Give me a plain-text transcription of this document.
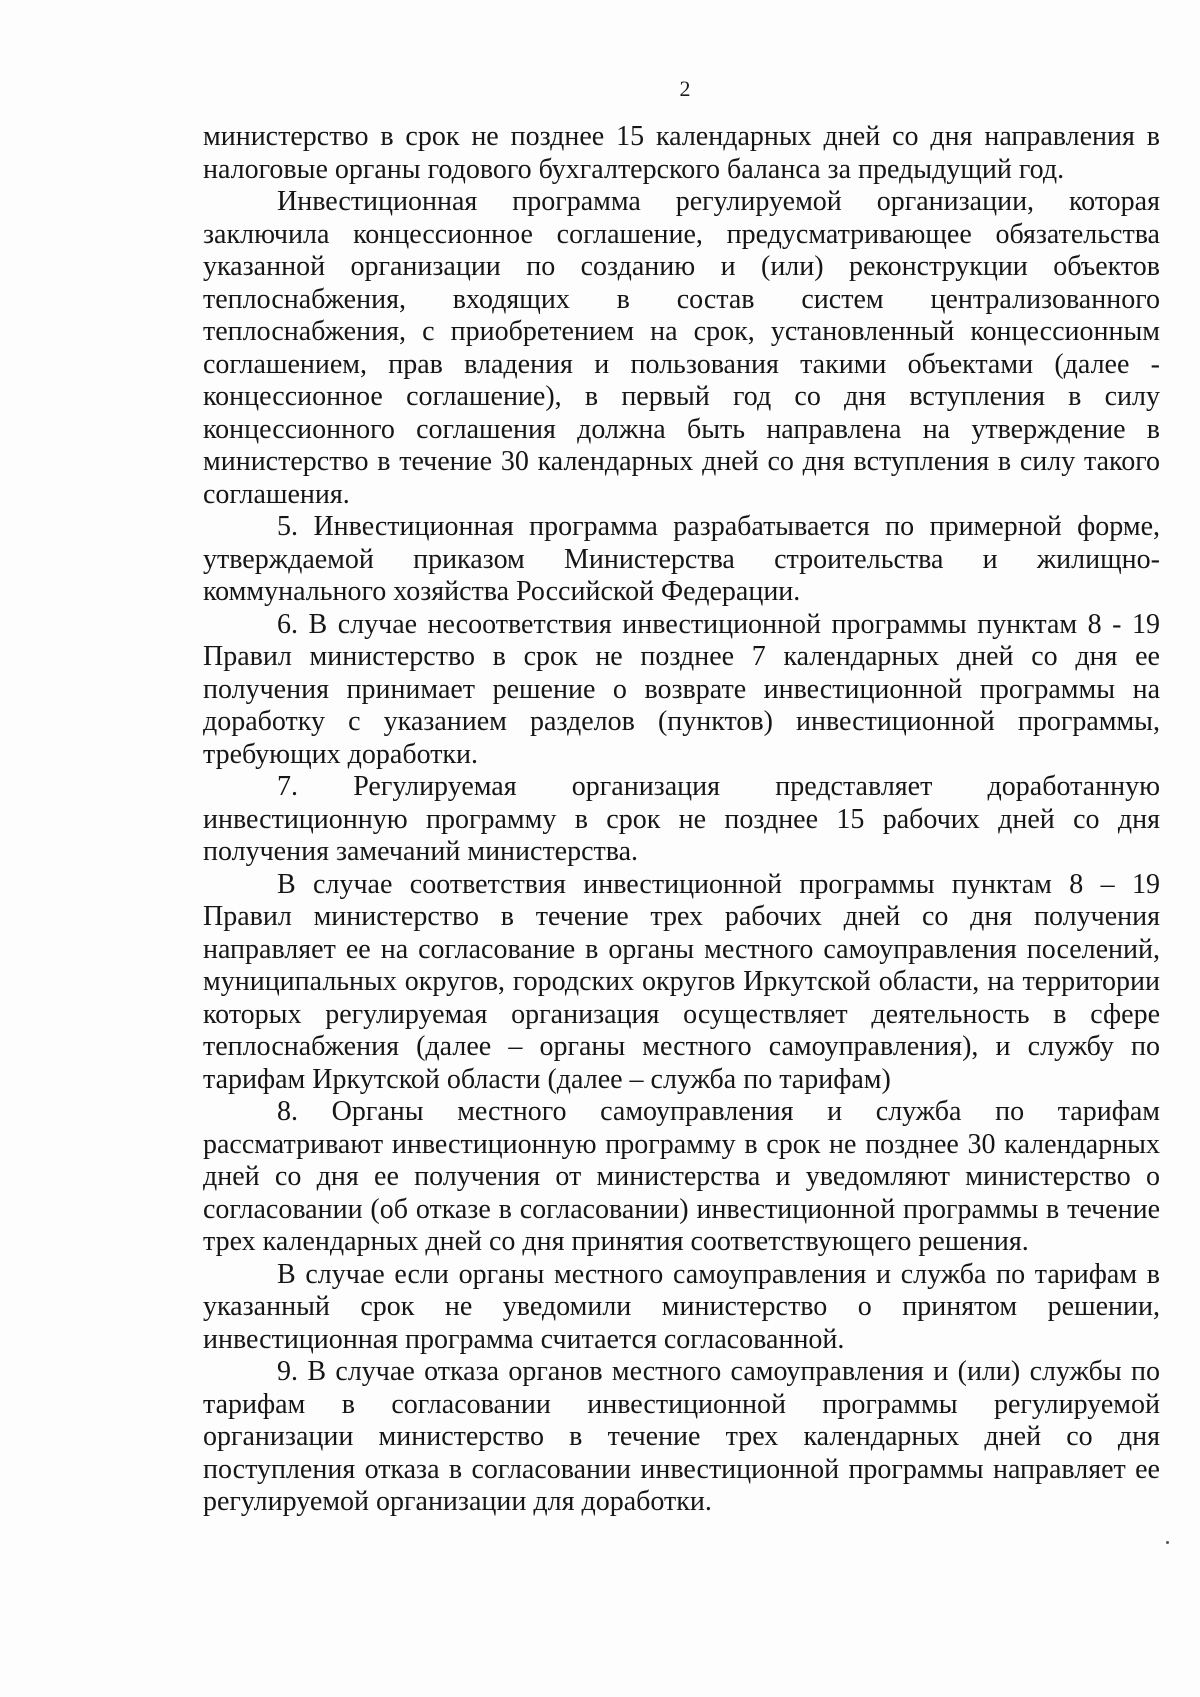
2

министерство в срок не позднее 15 календарных дней со дня направления в налоговые органы годового бухгалтерского баланса за предыдущий год.

Инвестиционная программа регулируемой организации, которая заключила концессионное соглашение, предусматривающее обязательства указанной организации по созданию и (или) реконструкции объектов теплоснабжения, входящих в состав систем централизованного теплоснабжения, с приобретением на срок, установленный концессионным соглашением, прав владения и пользования такими объектами (далее - концессионное соглашение), в первый год со дня вступления в силу концессионного соглашения должна быть направлена на утверждение в министерство в течение 30 календарных дней со дня вступления в силу такого соглашения.

5. Инвестиционная программа разрабатывается по примерной форме, утверждаемой приказом Министерства строительства и жилищно-коммунального хозяйства Российской Федерации.

6. В случае несоответствия инвестиционной программы пунктам 8 - 19 Правил министерство в срок не позднее 7 календарных дней со дня ее получения принимает решение о возврате инвестиционной программы на доработку с указанием разделов (пунктов) инвестиционной программы, требующих доработки.

7. Регулируемая организация представляет доработанную инвестиционную программу в срок не позднее 15 рабочих дней со дня получения замечаний министерства.

В случае соответствия инвестиционной программы пунктам 8 – 19 Правил министерство в течение трех рабочих дней со дня получения направляет ее на согласование в органы местного самоуправления поселений, муниципальных округов, городских округов Иркутской области, на территории которых регулируемая организация осуществляет деятельность в сфере теплоснабжения (далее – органы местного самоуправления), и службу по тарифам Иркутской области (далее – служба по тарифам)

8. Органы местного самоуправления и служба по тарифам рассматривают инвестиционную программу в срок не позднее 30 календарных дней со дня ее получения от министерства и уведомляют министерство о согласовании (об отказе в согласовании) инвестиционной программы в течение трех календарных дней со дня принятия соответствующего решения.

В случае если органы местного самоуправления и служба по тарифам в указанный срок не уведомили министерство о принятом решении, инвестиционная программа считается согласованной.

9. В случае отказа органов местного самоуправления и (или) службы по тарифам в согласовании инвестиционной программы регулируемой организации министерство в течение трех календарных дней со дня поступления отказа в согласовании инвестиционной программы направляет ее регулируемой организации для доработки.
